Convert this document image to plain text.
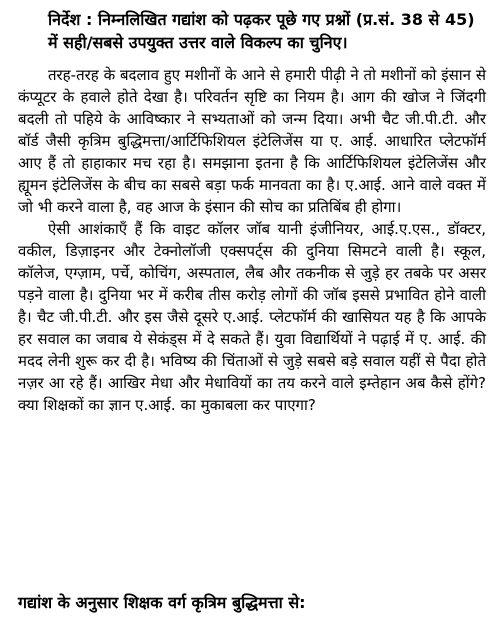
निर्देश : निम्नलिखित गद्यांश को पढ़कर पूछे गए प्रश्नों (प्र.सं. 38 से 45) में सही/सबसे उपयुक्त उत्तर वाले विकल्प का चुनिए।

तरह-तरह के बदलाव हुए मशीनों के आने से हमारी पीढ़ी ने तो मशीनों को इंसान से कंप्यूटर के हवाले होते देखा है। परिवर्तन सृष्टि का नियम है। आग की खोज ने जिंदगी बदली तो पहिये के आविष्कार ने सभ्यताओं को जन्म दिया। अभी चैट जी.पी.टी. और बॉर्ड जैसी कृत्रिम बुद्धिमत्ता/आर्टिफिशियल इंटेलिजेंस या ए. आई. आधारित प्लेटफॉर्म आए हैं तो हाहाकार मच रहा है। समझाना इतना है कि आर्टिफिशियल इंटेलिजेंस और ह्यूमन इंटेलिजेंस के बीच का सबसे बड़ा फर्क मानवता का है। ए.आई. आने वाले वक्त में जो भी करने वाला है, वह आज के इंसान की सोच का प्रतिबिंब ही होगा।

ऐसी आशंकाएँ हैं कि वाइट कॉलर जॉब यानी इंजीनियर, आई.ए.एस., डॉक्टर, वकील, डिज़ाइनर और टेक्नोलॉजी एक्सपर्ट्स की दुनिया सिमटने वाली है। स्कूल, कॉलेज, एग्ज़ाम, पर्चे, कोचिंग, अस्पताल, लैब और तकनीक से जुड़े हर तबके पर असर पड़ने वाला है। दुनिया भर में करीब तीस करोड़ लोगों की जॉब इससे प्रभावित होने वाली है। चैट जी.पी.टी. और इस जैसे दूसरे ए.आई. प्लेटफॉर्म की खासियत यह है कि आपके हर सवाल का जवाब ये सेकंड्स में दे सकते हैं। युवा विद्यार्थियों ने पढ़ाई में ए. आई. की मदद लेनी शुरू कर दी है। भविष्य की चिंताओं से जुड़े सबसे बड़े सवाल यहीं से पैदा होते नज़र आ रहे हैं। आखिर मेधा और मेधावियों का तय करने वाले इम्तेहान अब कैसे होंगे? क्या शिक्षकों का ज्ञान ए.आई. का मुकाबला कर पाएगा?

गद्यांश के अनुसार शिक्षक वर्ग कृत्रिम बुद्धिमत्ता से:
